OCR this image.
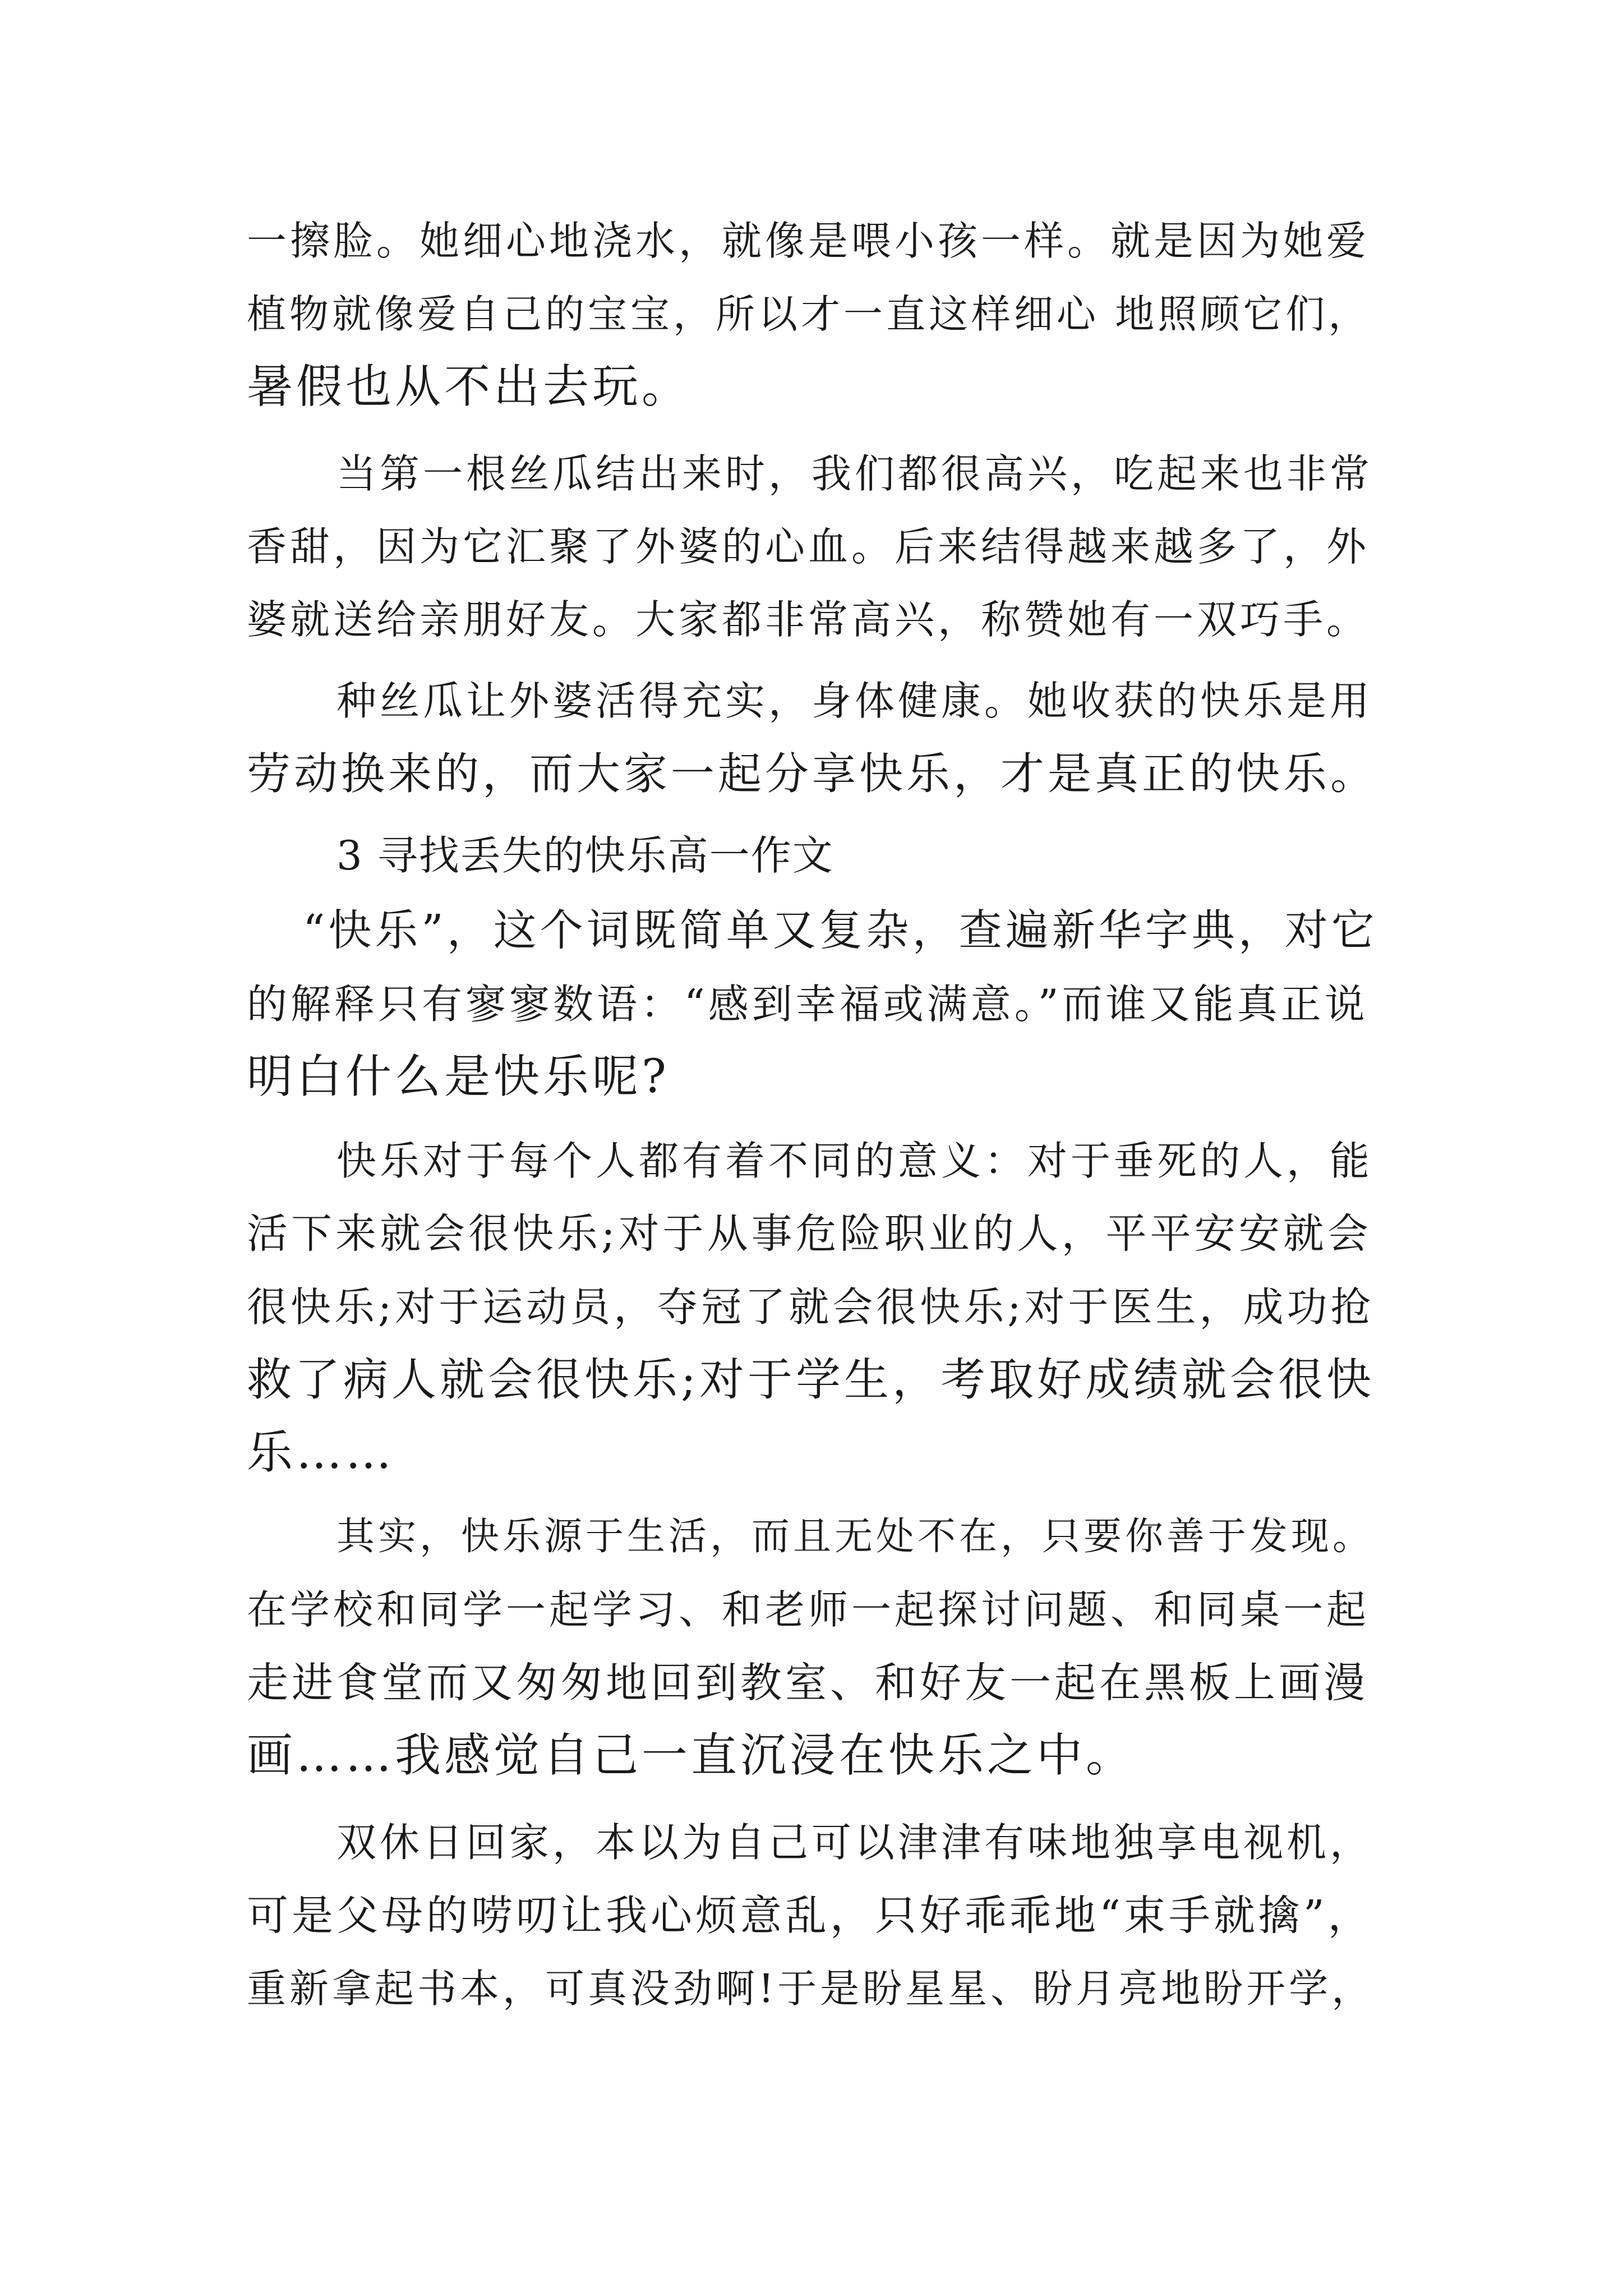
一擦脸。她细心地浇水，就像是喂小孩一样。就是因为她爱
植物就像爱自己的宝宝，所以才一直这样细心 地照顾它们，
暑假也从不出去玩。
当第一根丝瓜结出来时，我们都很高兴，吃起来也非常
香甜，因为它汇聚了外婆的心血。后来结得越来越多了，外
婆就送给亲朋好友。大家都非常高兴，称赞她有一双巧手。
种丝瓜让外婆活得充实，身体健康。她收获的快乐是用
劳动换来的，而大家一起分享快乐，才是真正的快乐。
3 寻找丢失的快乐高一作文
“快乐”，这个词既简单又复杂，查遍新华字典，对它
的解释只有寥寥数语：“感到幸福或满意。”而谁又能真正说
明白什么是快乐呢?
快乐对于每个人都有着不同的意义：对于垂死的人，能
活下来就会很快乐;对于从事危险职业的人，平平安安就会
很快乐;对于运动员，夺冠了就会很快乐;对于医生，成功抢
救了病人就会很快乐;对于学生，考取好成绩就会很快
乐……
其实，快乐源于生活，而且无处不在，只要你善于发现。
在学校和同学一起学习、和老师一起探讨问题、和同桌一起
走进食堂而又匆匆地回到教室、和好友一起在黑板上画漫
画……我感觉自己一直沉浸在快乐之中。
双休日回家，本以为自己可以津津有味地独享电视机，
可是父母的唠叨让我心烦意乱，只好乖乖地“束手就擒”，
重新拿起书本，可真没劲啊!于是盼星星、盼月亮地盼开学，
